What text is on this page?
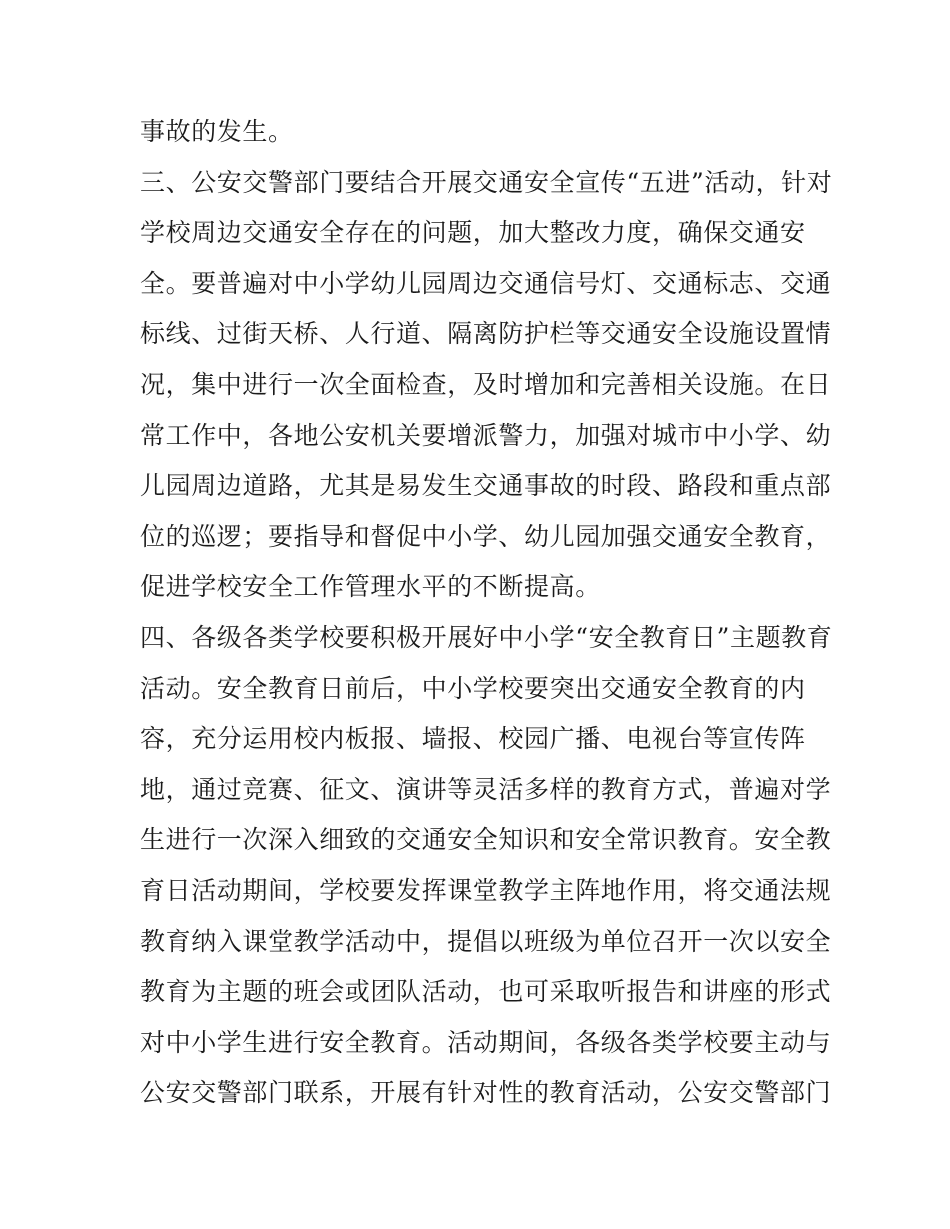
事故的发生。
三、公安交警部门要结合开展交通安全宣传“五进”活动，针对
学校周边交通安全存在的问题，加大整改力度，确保交通安
全。要普遍对中小学幼儿园周边交通信号灯、交通标志、交通
标线、过街天桥、人行道、隔离防护栏等交通安全设施设置情
况，集中进行一次全面检查，及时增加和完善相关设施。在日
常工作中，各地公安机关要增派警力，加强对城市中小学、幼
儿园周边道路，尤其是易发生交通事故的时段、路段和重点部
位的巡逻；要指导和督促中小学、幼儿园加强交通安全教育，
促进学校安全工作管理水平的不断提高。
四、各级各类学校要积极开展好中小学“安全教育日”主题教育
活动。安全教育日前后，中小学校要突出交通安全教育的内
容，充分运用校内板报、墙报、校园广播、电视台等宣传阵
地，通过竞赛、征文、演讲等灵活多样的教育方式，普遍对学
生进行一次深入细致的交通安全知识和安全常识教育。安全教
育日活动期间，学校要发挥课堂教学主阵地作用，将交通法规
教育纳入课堂教学活动中，提倡以班级为单位召开一次以安全
教育为主题的班会或团队活动，也可采取听报告和讲座的形式
对中小学生进行安全教育。活动期间，各级各类学校要主动与
公安交警部门联系，开展有针对性的教育活动，公安交警部门
